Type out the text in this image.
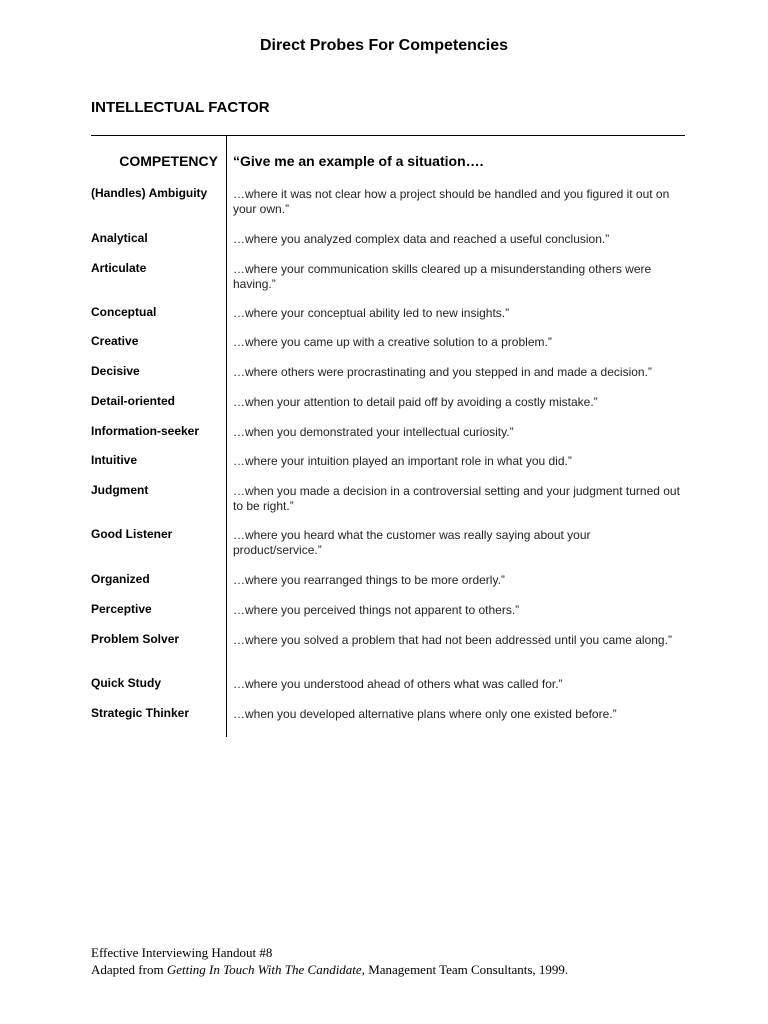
Direct Probes For Competencies
INTELLECTUAL FACTOR
COMPETENCY “Give me an example of a situation….
(Handles) Ambiguity	…where it was not clear how a project should be handled and you figured it out on your own.”
Analytical	…where you analyzed complex data and reached a useful conclusion.”
Articulate	…where your communication skills cleared up a misunderstanding others were having.”
Conceptual	…where your conceptual ability led to new insights.”
Creative	…where you came up with a creative solution to a problem.”
Decisive	…where others were procrastinating and you stepped in and made a decision.”
Detail-oriented	…when your attention to detail paid off by avoiding a costly mistake.”
Information-seeker	…when you demonstrated your intellectual curiosity.”
Intuitive	…where your intuition played an important role in what you did.”
Judgment	…when you made a decision in a controversial setting and your judgment turned out to be right.”
Good Listener	…where you heard what the customer was really saying about your product/service.”
Organized	…where you rearranged things to be more orderly.”
Perceptive	…where you perceived things not apparent to others.”
Problem Solver	…where you solved a problem that had not been addressed until you came along.”
Quick Study	…where you understood ahead of others what was called for.”
Strategic Thinker	…when you developed alternative plans where only one existed before.”
Effective Interviewing Handout #8
Adapted from Getting In Touch With The Candidate, Management Team Consultants, 1999.
